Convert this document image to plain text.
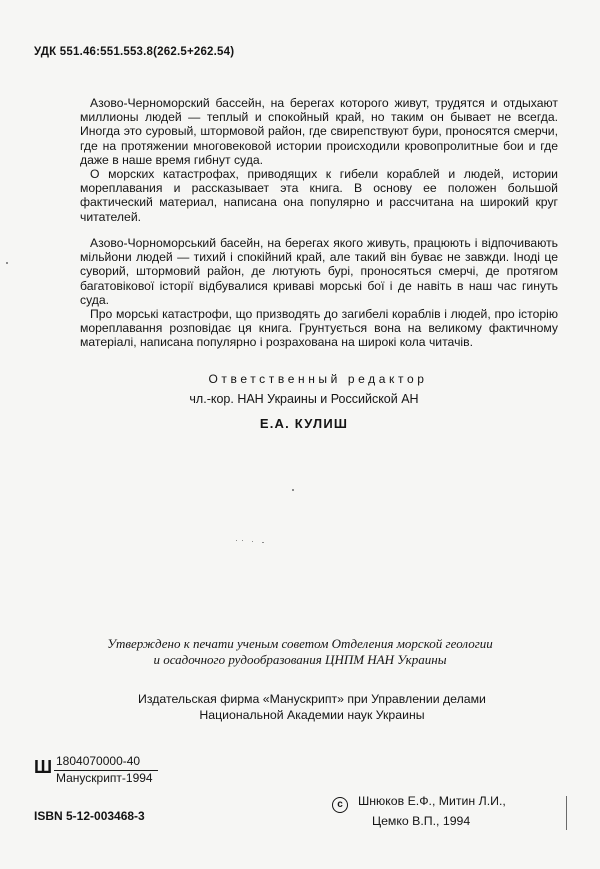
УДК 551.46:551.553.8(262.5+262.54)

Азово-Черноморский бассейн, на берегах которого живут, трудятся и отдыхают миллионы людей — теплый и спокойный край, но таким он бывает не всегда. Иногда это суровый, штормовой район, где свирепствуют бури, проносятся смерчи, где на протяжении многовековой истории происходили кровопролитные бои и где даже в наше время гибнут суда.

О морских катастрофах, приводящих к гибели кораблей и людей, истории мореплавания и рассказывает эта книга. В основу ее положен большой фактический материал, написана она популярно и рассчитана на широкий круг читателей.

Азово-Чорноморський басейн, на берегах якого живуть, працюють і відпочивають мільйони людей — тихий і спокійний край, але такий він буває не завжди. Іноді це суворий, штормовий район, де лютують бурі, проносяться смерчі, де протягом багатовікової історії відбувалися криваві морські бої і де навіть в наш час гинуть суда.

Про морські катастрофи, що призводять до загибелі кораблів і людей, про історію мореплавання розповідає ця книга. Грунтується вона на великому фактичному матеріалі, написана популярно і розрахована на широкі кола читачів.

Ответственный редактор
чл.-кор. НАН Украины и Российской АН
Е.А. КУЛИШ
Утверждено к печати ученым советом Отделения морской геологии
и осадочного рудообразования ЦНПМ НАН Украины
Издательская фирма «Манускрипт» при Управлении делами
Национальной Академии наук Украины
Ш 1804070000-40
Манускрипт-1994
ISBN 5-12-003468-3
c Шнюков Е.Ф., Митин Л.И.,
Цемко В.П., 1994
